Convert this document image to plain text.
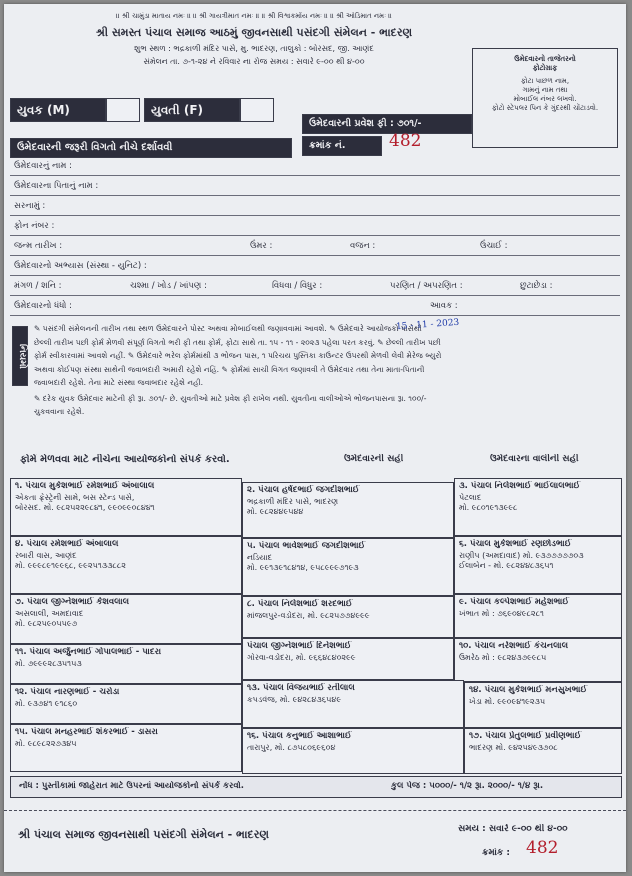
॥ શ્રી ચામુંડા માતાય નમઃ ॥ ॥ શ્રી ગાયત્રીમાત નમઃ ॥ ॥ શ્રી વિશ્વકર્માય નમઃ ॥ ॥ શ્રી ઓડિમાત નમઃ ॥
શ્રી સમસ્ત પંચાલ સમાજ આઠમું જીવનસાથી પસંદગી સંમેલન - ભાદરણ
શુભ સ્થળ : ભદ્રકાળી મંદિર પાસે, મુ. ભાદરણ, તાલુકો : બોરસદ, જી. આણંદ
સંમેલન તા. ૭-૧-૨૪ ને રવિવાર ના રોજ સમય : સવારે ૯-૦૦ થી ૪-૦૦	ઉમેદવારનો તાજેતરનો
ફોટોગ્રાફ
ફોટા પાછળ નામ,
ગામનું નામ તથા
મોબાઈલ નંબર લખવો.
ફોટો સ્ટેપલર પિન કે ગુંદરથી ચોંટાડવો.
યુવક (M)	યુવતી (F)
ઉમેદવારની પ્રવેશ ફી : ૭૦૧/-
ક્રમાંક નં.	482
ઉમેદવારની જરૂરી વિગતો નીચે દર્શાવવી
ઉમેદવારનું નામ :
ઉમેદવારના પિતાનું નામ :
સરનામું :
ફોન નંબર :
જન્મ તારીખ :	ઉંમર :	વજન :	ઉંચાઈ :
ઉમેદવારનો અભ્યાસ (સંસ્થા - યુનિટ) :
મંગળ / શનિ :	ચશ્મા / ખોડ / ખાંપણ :	વિધવા / વિધુર :	પરણિત / અપરણિત :	છુટાછેડા :
ઉમેદવારનો ધંધો :	આવક :
નિયમો
✎ પસંદગી સંમેલનની તારીખ તથા સ્થળ ઉમેદવારને પોસ્ટ અથવા મોબાઈલથી જણાવવામાં આવશે. ✎ ઉમેદવારે આયોજકો પાસેથી
છેલ્લી તારીખ પછી ફોર્મ મેળવી સંપૂર્ણ વિગતો ભરી ફી તથા ફોર્મ, ફોટા સાથે તા. ૧૫ - ૧૧ - ૨૦૨૩ પહેલા પરત કરવું. ✎ છેલ્લી તારીખ પછી
ફોર્મ સ્વીકારવામાં આવશે નહીં. ✎ ઉમેદવારે ભરેલ ફોર્મમાંથી ૩ ભોજન પાસ, ૧ પરિચય પુસ્તિકા કાઉન્ટર ઉપરથી મેળવી લેવી મેરેજ બ્યુરો
અથવા કોઈપણ સંસ્થા સાથેની જવાબદારી અમારી રહેશે નહિં. ✎ ફોર્મમાં સાચી વિગત જણાવવી તે ઉમેદવાર તથા તેના માતા-પિતાની
જવાબદારી રહેશે. તેના માટે સંસ્થા જવાબદાર રહેશે નહી.
✎ દરેક યુવક ઉમેદવાર માટેની ફી રૂા. ૭૦૧/- છે. યુવતીઓ માટે પ્રવેશ ફી રાખેલ નથી. યુવતીના વાલીઓએ ભોજનપાસના રૂા. ૧૦૦/-
ચુકવવાના રહેશે.
15 - 11 - 2023
ફોર્મ મેળવવા માટે નીચેના આયોજકોનો સંપર્ક કરવો.	ઉમેદવારની સહી	ઉમેદવારના વાલીની સહી
૧. પંચાલ મુકેશભાઈ રમેશભાઈ અંબાલાલ
એકતા ફ્રેસ્ટ્રેની સામે, બસ સ્ટેન્ડ પાસે,
બોરસદ. મો. ૯૮૨૫૨૨૯૮૪૧, ૯૯૦૯૯૦૮૪૪૧
૨. પંચાલ હર્ષદભાઈ જગદીશભાઈ
ભદ્રકાળી મંદિર પાસે, ભાદરણ
મો. ૯૮૨૪૪૯૫૪૪
૩. પંચાલ નિલેશભાઈ ભાઈલાલભાઈ
પેટલાદ
મો. ૯૮૦૧૯૧૩૯૯૮
૪. પંચાલ રમેશભાઈ અંબાલાલ
રબારી વાસ, આણંદ
મો. ૯૯૯૮૯૧૯૯૬૮, ૯૯૨૫૧૩૩૮૮૨
૫. પંચાલ ભાવેશભાઈ જગદીશભાઈ
નડિયાદ
મો. ૯૯૧૩૯૧૮૪૧૪, ૯૫૮૯૯૯૭૧૯૩
૬. પંચાલ મુકેશભાઈ રણછોડભાઈ
રાણીપ (અમદાવાદ) મો. ૯૩૭૭૭૭૭૦૩
ઈલાબેન - મો. ૯૮૨૪૪૮૩૬૫૧
૭. પંચાલ જીગ્નેશભાઈ કેશવલાલ
અસલાલી, અમદાવાદ
મો. ૯૮૨૫૯૦૫૫૯૭
૮. પંચાલ નિલેશભાઈ શરદભાઈ
માંજલપુર-વડોદરા, મો. ૯૮૨૫૭૭૪૯૯૯
૯. પંચાલ કલ્પેશભાઈ મહેશભાઈ
ખંભાત મો : ૭૬૯૦૪૯૮૨૮૧
પંચાલ જીગ્નેશભાઈ દિનેશભાઈ
ગોરવા-વડોદરા, મો. ૯૬૬૪૮૪૦૨૯૯
૧૦. પંચાલ નરેશભાઈ કંચનલાલ
ઉમરેઠ મો : ૯૮૨૪૩૭૯૯૮૫
૧૧. પંચાલ અર્જુનભાઈ ગોપાલભાઈ - પાદરા
મો. ૭૯૯૯૨૮૩૫૧૫૩
૧૨. પંચાલ નારણભાઈ - ચરોડા
મો. ૯૩૭૪૧ ૯૧૮૬૦
૧૩. પંચાલ વિજયભાઈ રતીલાલ
કપડવંજ, મો. ૯૪૨૮૪૩૬૫૪૯
૧૪. પંચાલ મુકેશભાઈ મનસુખભાઈ
ખેડા મો. ૯૯૦૯૪૧૯૨૩૫
૧૫. પંચાલ મનહરભાઈ શંકરભાઈ - ડાસરા
મો. ૯૮૯૮૨૨૭૩૪૫
૧૬. પંચાલ કનુભાઈ આશાભાઈ
તારાપુર, મો. ૮૭૫૮૦૬૯૬૦૪
૧૭. પંચાલ પ્રેતુલભાઈ પ્રવીણભાઈ
ભાદરણ મો. ૯૪૨૫૪૯૩૭૦૮
નોંધ : પુસ્તીકામાં જાહેરાત માટે ઉપરનાં આયોજકોનો સંપર્ક કરવો.	કુલ પેજ : ૫૦૦૦/- ૧/૨ રૂા. ૨૦૦૦/- ૧/૪ રૂા.
શ્રી પંચાલ સમાજ જીવનસાથી પસંદગી સંમેલન - ભાદરણ	સમય : સવારે ૯-૦૦ થી ૪-૦૦
ક્રમાંક : 482
